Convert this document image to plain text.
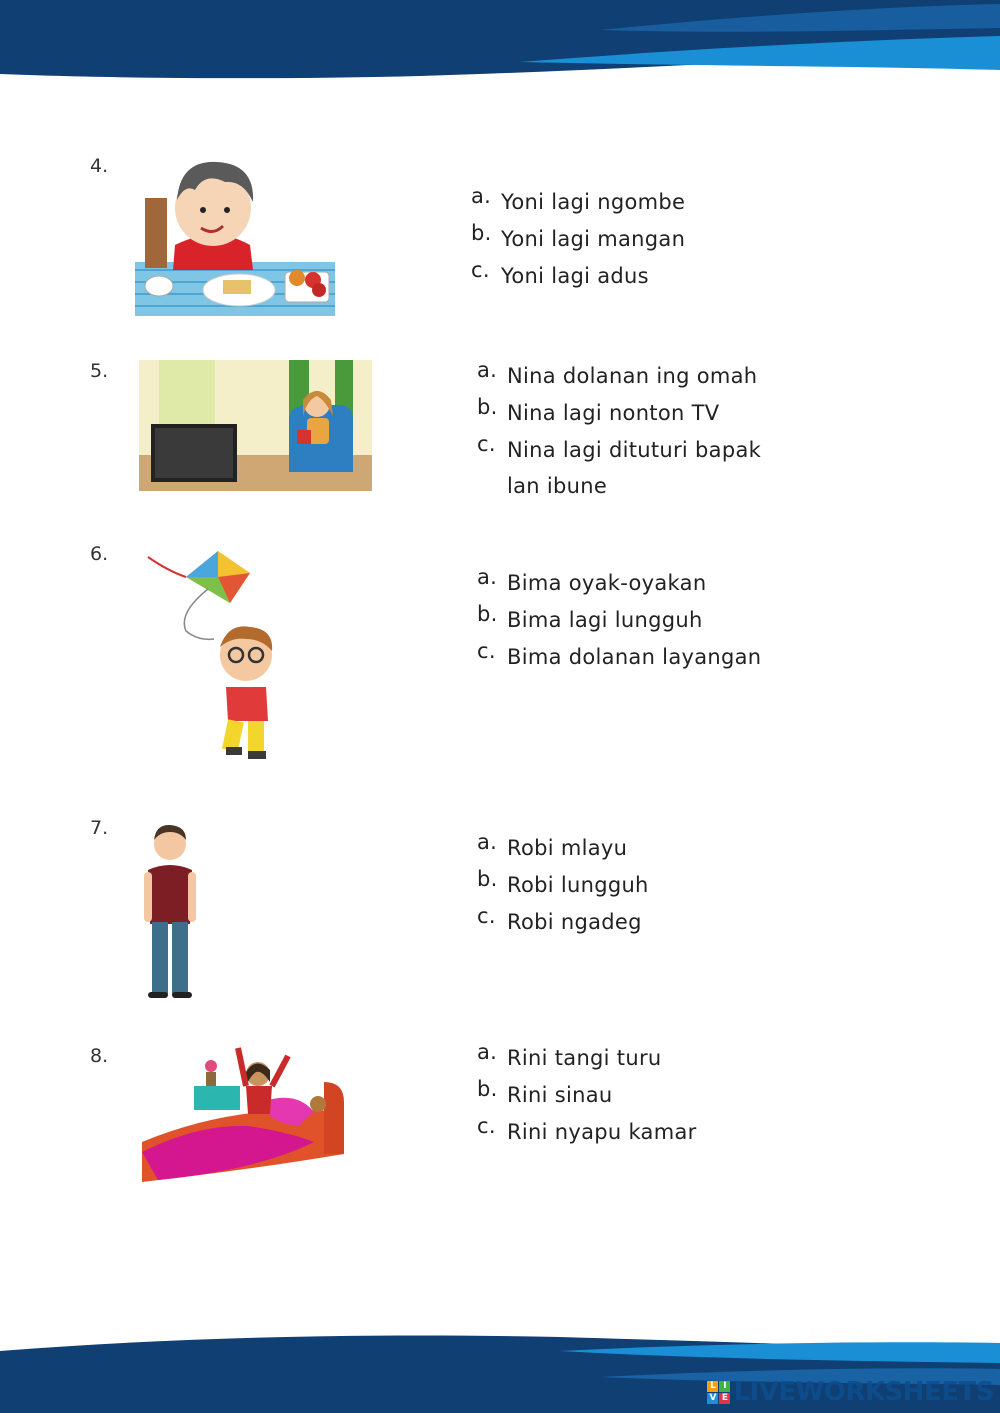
4.
a. Yoni lagi ngombe
b. Yoni lagi mangan
c. Yoni lagi adus
5.	a. Nina dolanan ing omah
b. Nina lagi nonton TV
c. Nina lagi dituturi bapak lan ibune
6.
a. Bima oyak-oyakan
b. Bima lagi lungguh
c. Bima dolanan layangan
7.
a. Robi mlayu
b. Robi lungguh
c. Robi ngadeg
8.	a. Rini tangi turu
b. Rini sinau
c. Rini nyapu kamar
L I
V E LIVEWORKSHEETS
